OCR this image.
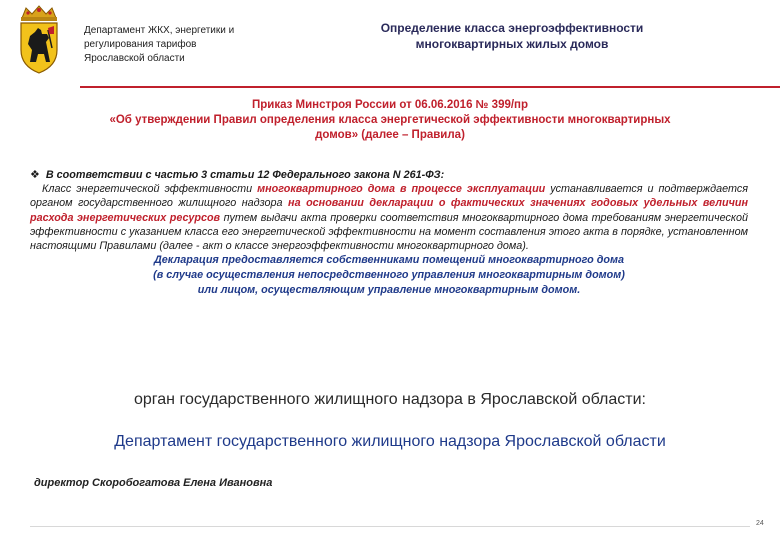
Департамент ЖКХ, энергетики и
регулирования тарифов
Ярославской области
Определение класса энергоэффективности
многоквартирных жилых домов
Приказ Минстроя России от 06.06.2016 № 399/пр
«Об утверждении Правил определения класса энергетической эффективности многоквартирных
домов» (далее – Правила)
❖ В соответствии с частью 3 статьи 12 Федерального закона N 261-ФЗ:

Класс энергетической эффективности многоквартирного дома в процессе эксплуатации устанавливается и подтверждается органом государственного жилищного надзора на основании декларации о фактических значениях годовых удельных величин расхода энергетических ресурсов путем выдачи акта проверки соответствия многоквартирного дома требованиям энергетической эффективности с указанием класса его энергетической эффективности на момент составления этого акта в порядке, установленном настоящими Правилами (далее - акт о классе энергоэффективности многоквартирного дома).

Декларация предоставляется собственниками помещений многоквартирного дома
(в случае осуществления непосредственного управления многоквартирным домом)
или лицом, осуществляющим управление многоквартирным домом.
орган государственного жилищного надзора в Ярославской области:
Департамент государственного жилищного надзора Ярославской области
директор Скоробогатова Елена Ивановна
24
